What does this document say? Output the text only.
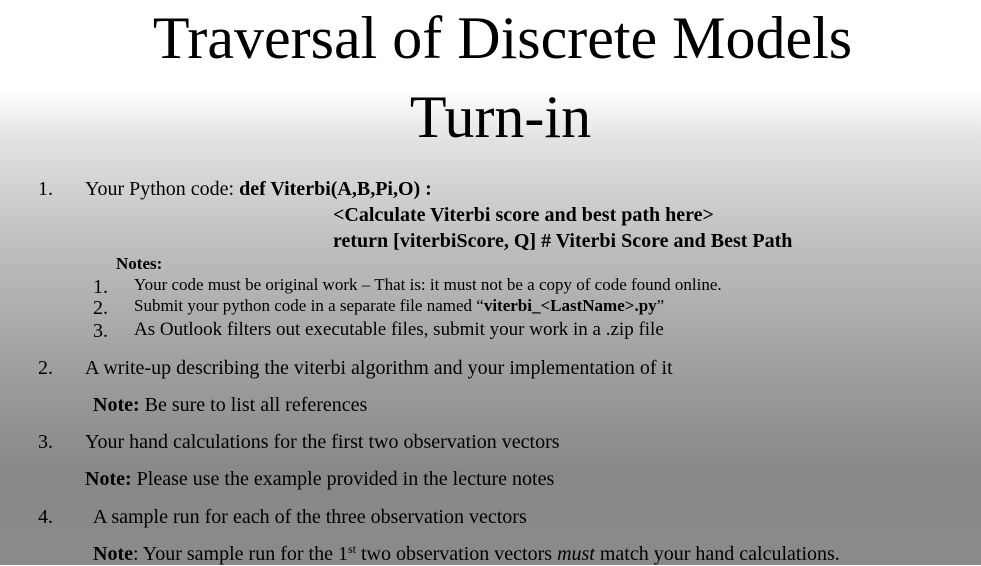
Traversal of Discrete Models
Turn-in
1. Your Python code: def Viterbi(A,B,Pi,O) :
<Calculate Viterbi score and best path here>
return [viterbiScore, Q] # Viterbi Score and Best Path
Notes:
1. Your code must be original work – That is: it must not be a copy of code found online.
2. Submit your python code in a separate file named “viterbi_<LastName>.py”
3. As Outlook filters out executable files, submit your work in a .zip file
2. A write-up describing the viterbi algorithm and your implementation of it
Note: Be sure to list all references
3. Your hand calculations for the first two observation vectors
Note: Please use the example provided in the lecture notes
4. A sample run for each of the three observation vectors
Note: Your sample run for the 1st two observation vectors must match your hand calculations.
